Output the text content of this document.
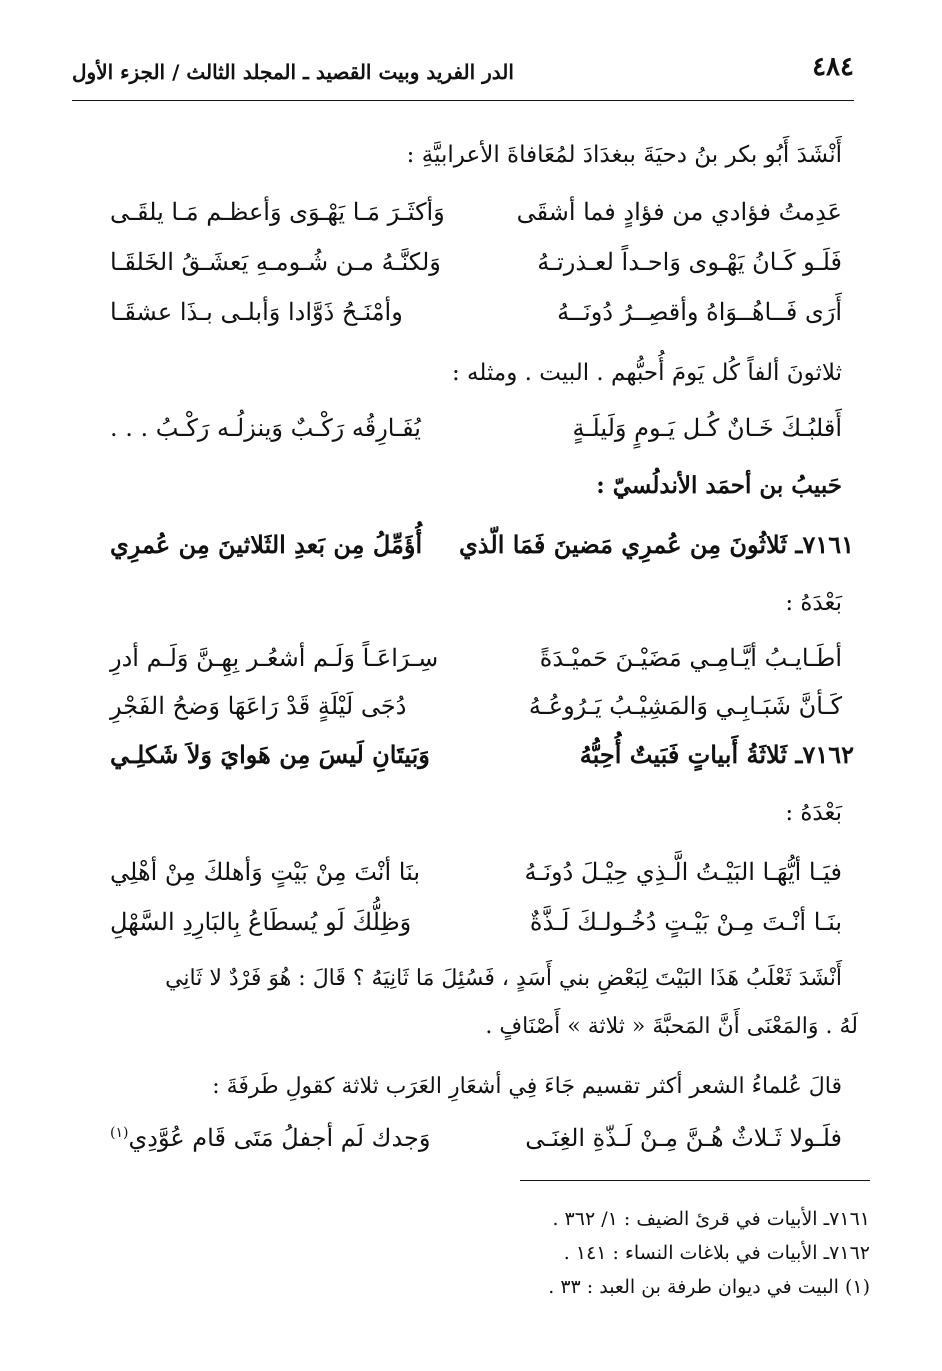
٤٨٤
الدر الفريد وبيت القصيد ـ المجلد الثالث / الجزء الأول
أَنْشَدَ أَبُو بكر بنُ دحيَةَ ببغدَادَ لمُعَافاةَ الأعرابيَّةِ :
عَدِمتُ فؤادي من فؤادٍ فما أشقَى
وَأكثَـرَ مَـا يَهْـوَى وَأعظـم مَـا يلقَـى
فَلَـو كَـانُ يَهْـوى وَاحـداً لعـذرتـهُ
وَلكنَّـهُ مـن شُـومـهِ يَعشَـقُ الخَلقَـا
أَرَى فَــاهُــوَاهُ وأقصِــرُ دُونَــهُ
وأمْنَـحُ ذَوَّادا وَأبلـى بـذَا عشقَـا
ثلاثونَ ألفاً كُل يَومَ أُحبُّهم . البيت . ومثله :
أَقلبُـكَ خَـانٌ كُـل يَـومٍ وَلَيلَـةٍ
يُفَـارِقُه رَكْـبٌ وَينزلُـه رَكْـبُ . . .
حَبيبُ بن أحمَد الأندلُسيّ :
٧١٦١ـ ثَلاثُونَ مِن عُمرِي مَضينَ فَمَا الّذي
أُؤَمِّلُ مِن بَعدِ الثَلاثينَ مِن عُمرِي
بَعْدَهُ :
أطَـايـبُ أيَّـامِـي مَضَيْـنَ حَميْـدَةً
سِـرَاعَـاً وَلَـم أشعُـر بِهِـنَّ وَلَـم أدرِ
كَـأنَّ شَبَـابِـي وَالمَشِيْـبُ يَـرُوعُـهُ
دُجَى لَيْلَةٍ قَدْ رَاعَهَا وَضحُ الفَجْرِ
٧١٦٢ـ ثَلاثَةُ أَبياتٍ فَبَيتٌ أُحِبُّهُ
وَبَيتَانِ لَيسَ مِن هَوايَ وَلاَ شَكلِـي
بَعْدَهُ :
فيَـا أيُّهَـا البَيْـتُ الَّـذِي حِيْـلَ دُونَـهُ
بنَا أنْتَ مِنْ بَيْتٍ وَأهلكَ مِنْ أهْلِي
بنَـا أنْـتَ مِـنْ بَيْـتٍ دُخُـولـكَ لَـذَّةٌ
وَظِلُّكَ لَو يُسطَاعُ بِالبَارِدِ السَّهْلِ
أَنْشَدَ ثَعْلَبُ هَذَا البَيْتَ لِبَعْضِ بني أَسَدٍ ، فَسُئِلَ مَا ثَانِيَهُ ؟ قَالَ : هُوَ فَرْدٌ لا ثَانِي
لَهُ . وَالمَعْنَى أَنَّ المَحبَّةَ « ثلاثة » أَصْنَافٍ .
قالَ عُلماءُ الشعر أكثر تقسيم جَاءَ فِي أشعَارِ العَرَب ثلاثة كقولِ طَرفَةَ :
فلَـولا ثَـلاثٌ هُـنَّ مِـنْ لَـذّةِ الغِنَـى
وَجدك لَم أجفلُ مَتَى قَام عُوَّدِي$^{(١)}$
٧١٦١ـ الأبيات في قرئ الضيف : ١/ ٣٦٢ .
٧١٦٢ـ الأبيات في بلاغات النساء : ١٤١ .
(١) البيت في ديوان طرفة بن العبد : ٣٣ .
